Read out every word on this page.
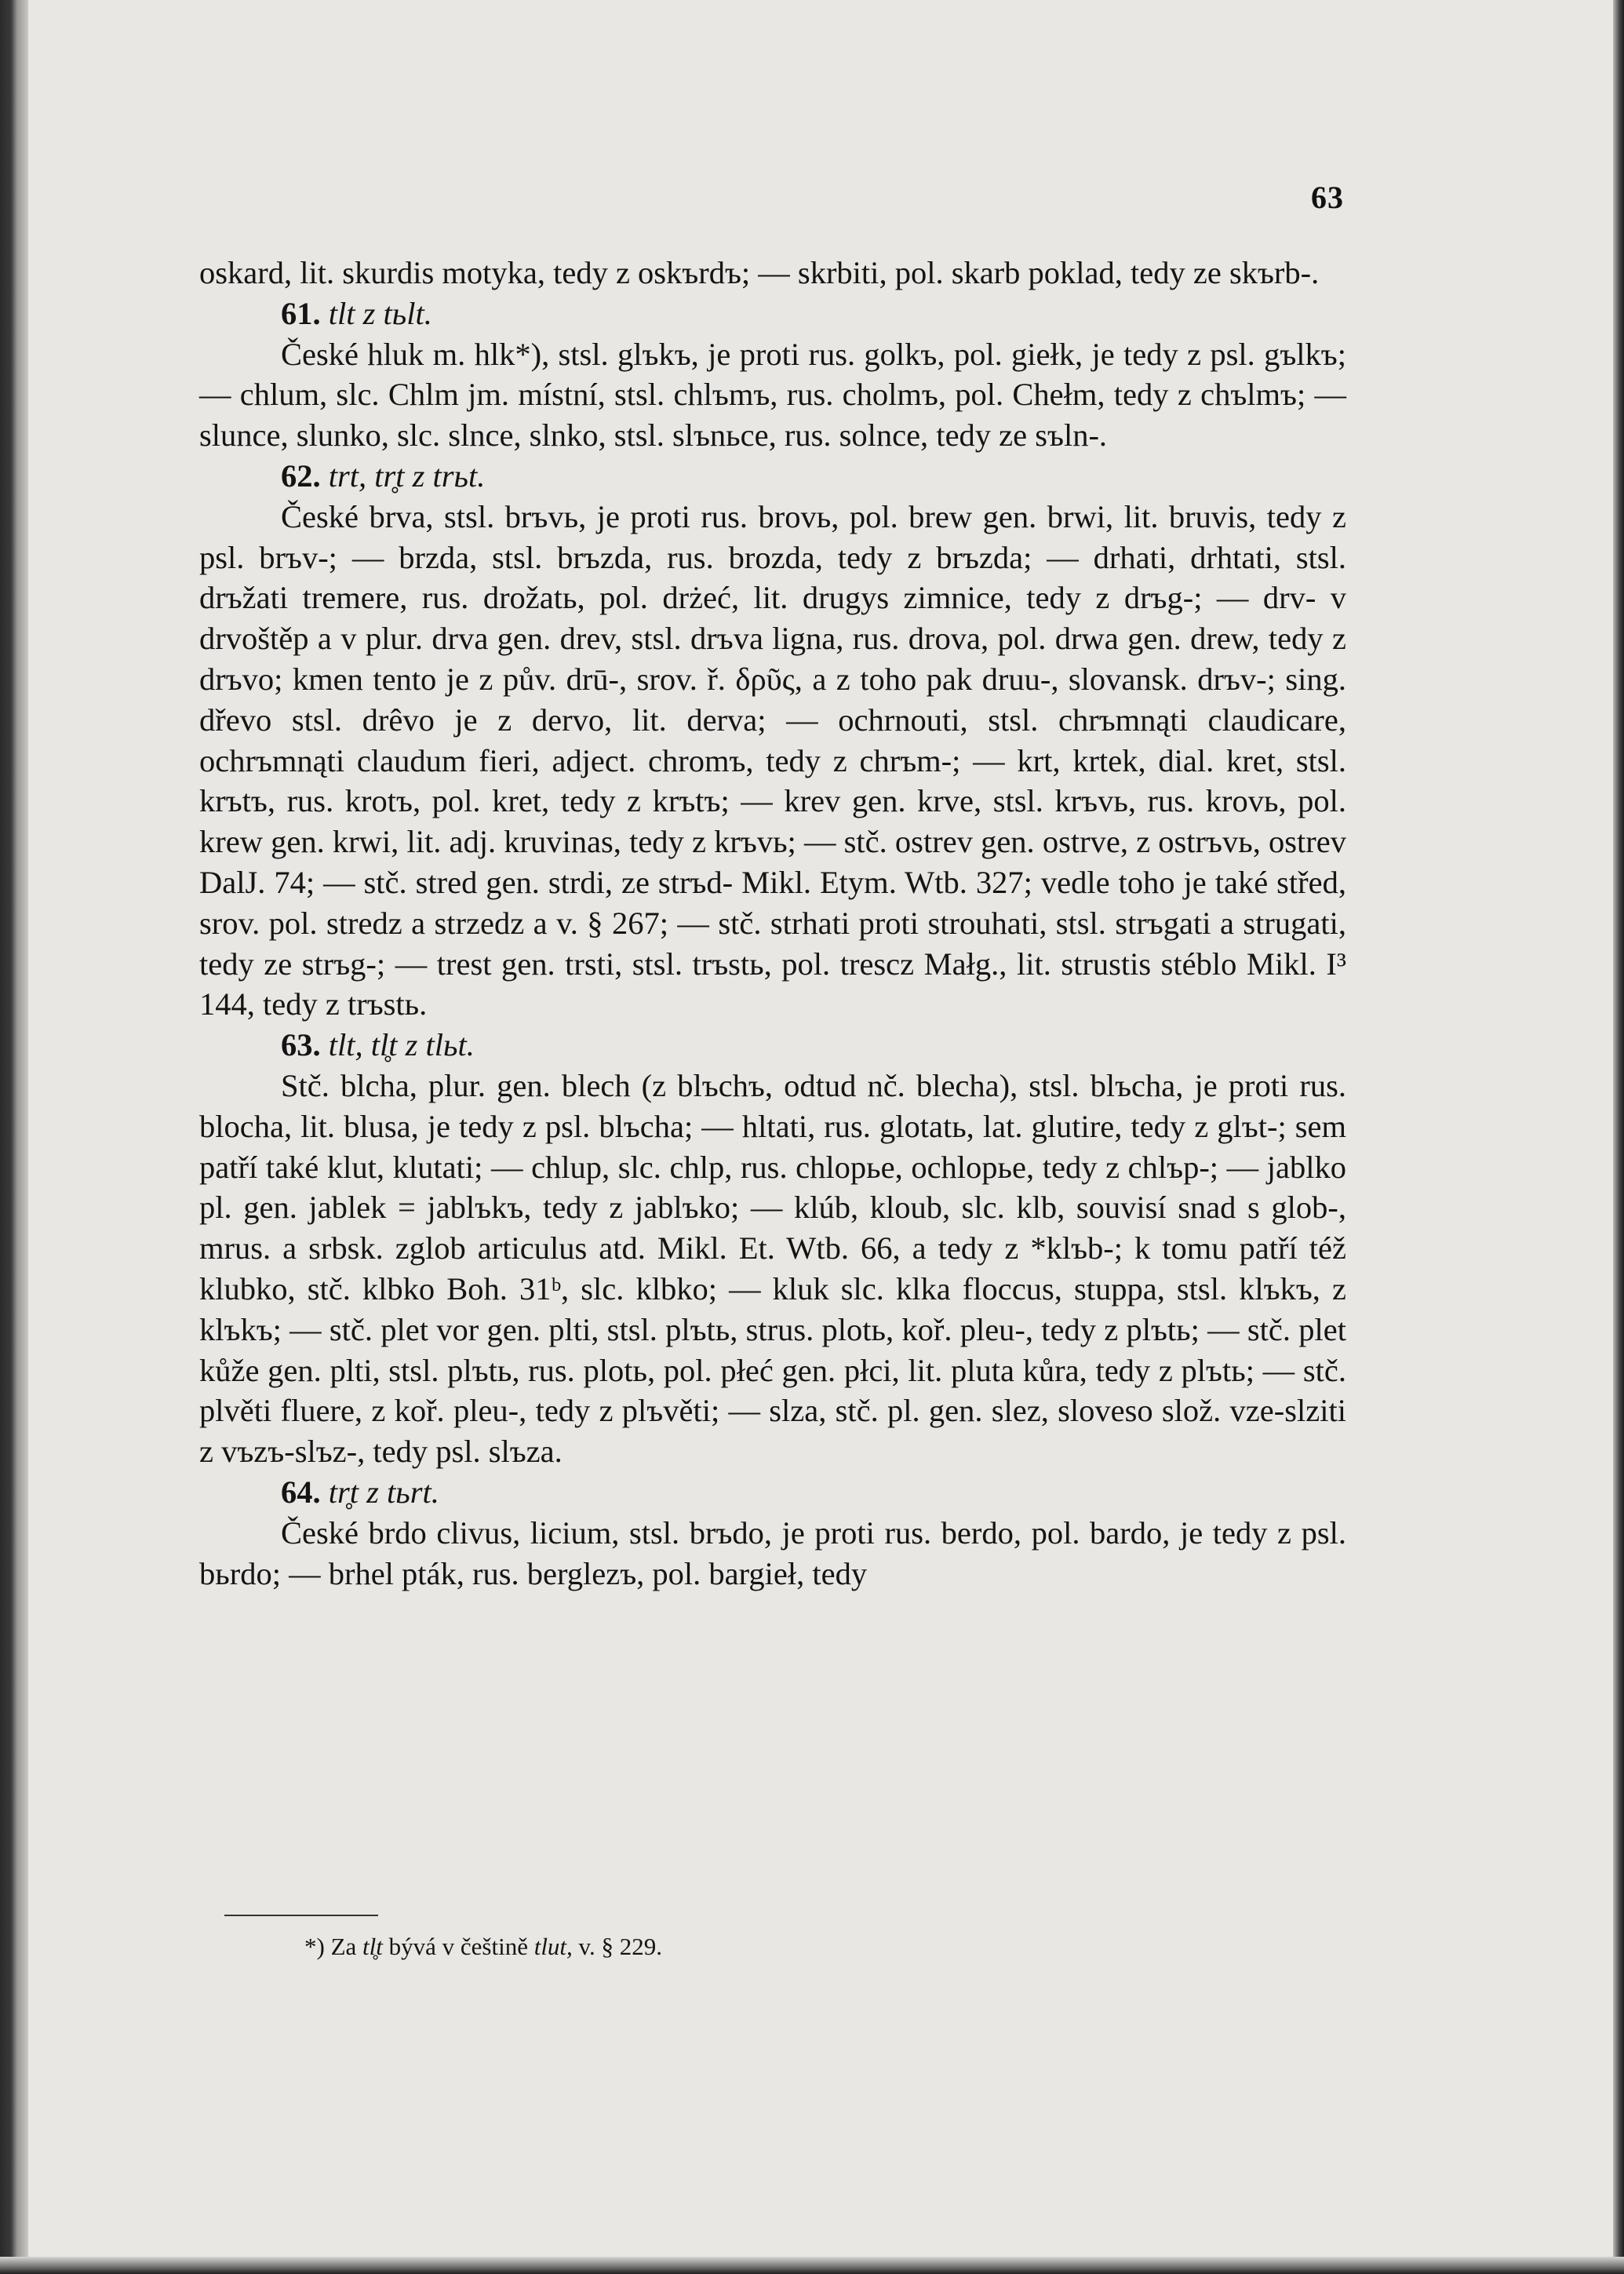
63

oskard, lit. skurdis motyka, tedy z oskъrdъ; — skrbiti, pol. skarb poklad, tedy ze skъrb-.

61. tlt z tьlt.

České hluk m. hlk*), stsl. glъkъ, je proti rus. golkъ, pol. giełk, je tedy z psl. gъlkъ; — chlum, slc. Chlm jm. místní, stsl. chlъmъ, rus. cholmъ, pol. Chełm, tedy z chъlmъ; — slunce, slunko, slc. slnce, slnko, stsl. slъnьce, rus. solnce, tedy ze sъln-.

62. trt, tr̥t z trьt.

České brva, stsl. brъvь, je proti rus. brovь, pol. brew gen. brwi, lit. bruvis, tedy z psl. brъv-; — brzda, stsl. brъzda, rus. brozda, tedy z brъzda; — drhati, drhtati, stsl. drъžati tremere, rus. drožatь, pol. drżeć, lit. drugys zimnice, tedy z drъg-; — drv- v drvoštěp a v plur. drva gen. drev, stsl. drъva ligna, rus. drova, pol. drwa gen. drew, tedy z drъvo; kmen tento je z pův. drū-, srov. ř. δρῦς, a z toho pak druu-, slovansk. drъv-; sing. dřevo stsl. drêvo je z dervo, lit. derva; — ochrnouti, stsl. chrъmnąti claudicare, ochrъmnąti claudum fieri, adject. chromъ, tedy z chrъm-; — krt, krtek, dial. kret, stsl. krъtъ, rus. krotъ, pol. kret, tedy z krъtъ; — krev gen. krve, stsl. krъvь, rus. krovь, pol. krew gen. krwi, lit. adj. kruvinas, tedy z krъvь; — stč. ostrev gen. ostrve, z ostrъvь, ostrev DalJ. 74; — stč. stred gen. strdi, ze strъd- Mikl. Etym. Wtb. 327; vedle toho je také střed, srov. pol. stredz a strzedz a v. § 267; — stč. strhati proti strouhati, stsl. strъgati a strugati, tedy ze strъg-; — trest gen. trsti, stsl. trъstь, pol. tresсz Małg., lit. strustis stéblo Mikl. I³ 144, tedy z trъstь.

63. tlt, tl̥t z tlьt.

Stč. blcha, plur. gen. blech (z blъchъ, odtud nč. blecha), stsl. blъcha, je proti rus. blocha, lit. blusa, je tedy z psl. blъcha; — hltati, rus. glotatь, lat. glutire, tedy z glъt-; sem patří také klut, klutati; — chlup, slc. chlp, rus. chlopьe, ochlopьe, tedy z chlъp-; — jablko pl. gen. jablek = jablъkъ, tedy z jablъko; — klúb, kloub, slc. klb, souvisí snad s glob-, mrus. a srbsk. zglob articulus atd. Mikl. Et. Wtb. 66, a tedy z *klъb-; k tomu patří též klubko, stč. klbko Boh. 31ᵇ, slc. klbko; — kluk slc. klka floccus, stuppa, stsl. klъkъ, z klъkъ; — stč. plet vor gen. plti, stsl. plъtь, strus. plotь, koř. pleu-, tedy z plъtь; — stč. plet kůže gen. plti, stsl. plъtь, rus. plotь, pol. płeć gen. płci, lit. pluta kůra, tedy z plъtь; — stč. plvěti fluere, z koř. pleu-, tedy z plъvěti; — slza, stč. pl. gen. slez, sloveso slož. vze-slziti z vъzъ-slъz-, tedy psl. slъza.

64. tr̥t z tьrt.

České brdo clivus, licium, stsl. brъdo, je proti rus. berdo, pol. bardo, je tedy z psl. bьrdo; — brhel pták, rus. berglezъ, pol. bargieł, tedy

*) Za tl̥t bývá v češtině tlut, v. § 229.
